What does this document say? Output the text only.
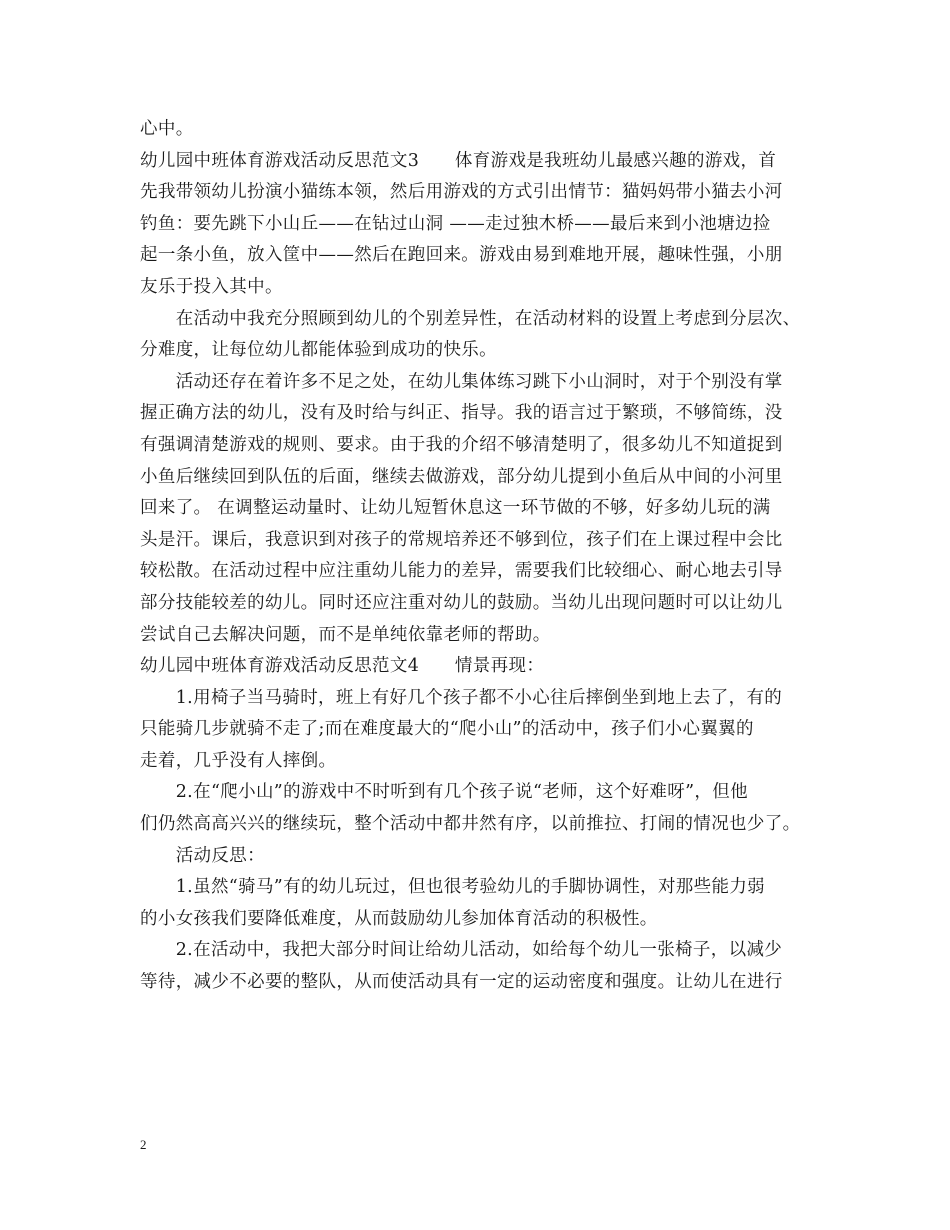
心中。
幼儿园中班体育游戏活动反思范文3　　体育游戏是我班幼儿最感兴趣的游戏，首
先我带领幼儿扮演小猫练本领，然后用游戏的方式引出情节：猫妈妈带小猫去小河
钓鱼：要先跳下小山丘——在钻过山洞 ——走过独木桥——最后来到小池塘边捡
起一条小鱼，放入筐中——然后在跑回来。游戏由易到难地开展，趣味性强，小朋
友乐于投入其中。
　　在活动中我充分照顾到幼儿的个别差异性，在活动材料的设置上考虑到分层次、
分难度，让每位幼儿都能体验到成功的快乐。
　　活动还存在着许多不足之处，在幼儿集体练习跳下小山洞时，对于个别没有掌
握正确方法的幼儿，没有及时给与纠正、指导。我的语言过于繁琐，不够简练，没
有强调清楚游戏的规则、要求。由于我的介绍不够清楚明了，很多幼儿不知道捉到
小鱼后继续回到队伍的后面，继续去做游戏，部分幼儿提到小鱼后从中间的小河里
回来了。 在调整运动量时、让幼儿短暂休息这一环节做的不够，好多幼儿玩的满
头是汗。课后，我意识到对孩子的常规培养还不够到位，孩子们在上课过程中会比
较松散。在活动过程中应注重幼儿能力的差异，需要我们比较细心、耐心地去引导
部分技能较差的幼儿。同时还应注重对幼儿的鼓励。当幼儿出现问题时可以让幼儿
尝试自己去解决问题，而不是单纯依靠老师的帮助。
幼儿园中班体育游戏活动反思范文4　　情景再现：
　　1.用椅子当马骑时，班上有好几个孩子都不小心往后摔倒坐到地上去了，有的
只能骑几步就骑不走了;而在难度最大的“爬小山”的活动中，孩子们小心翼翼的
走着，几乎没有人摔倒。
　　2.在“爬小山”的游戏中不时听到有几个孩子说“老师，这个好难呀”，但他
们仍然高高兴兴的继续玩，整个活动中都井然有序，以前推拉、打闹的情况也少了。
　　活动反思：
　　1.虽然“骑马”有的幼儿玩过，但也很考验幼儿的手脚协调性，对那些能力弱
的小女孩我们要降低难度，从而鼓励幼儿参加体育活动的积极性。
　　2.在活动中，我把大部分时间让给幼儿活动，如给每个幼儿一张椅子，以减少
等待，减少不必要的整队，从而使活动具有一定的运动密度和强度。让幼儿在进行
2
